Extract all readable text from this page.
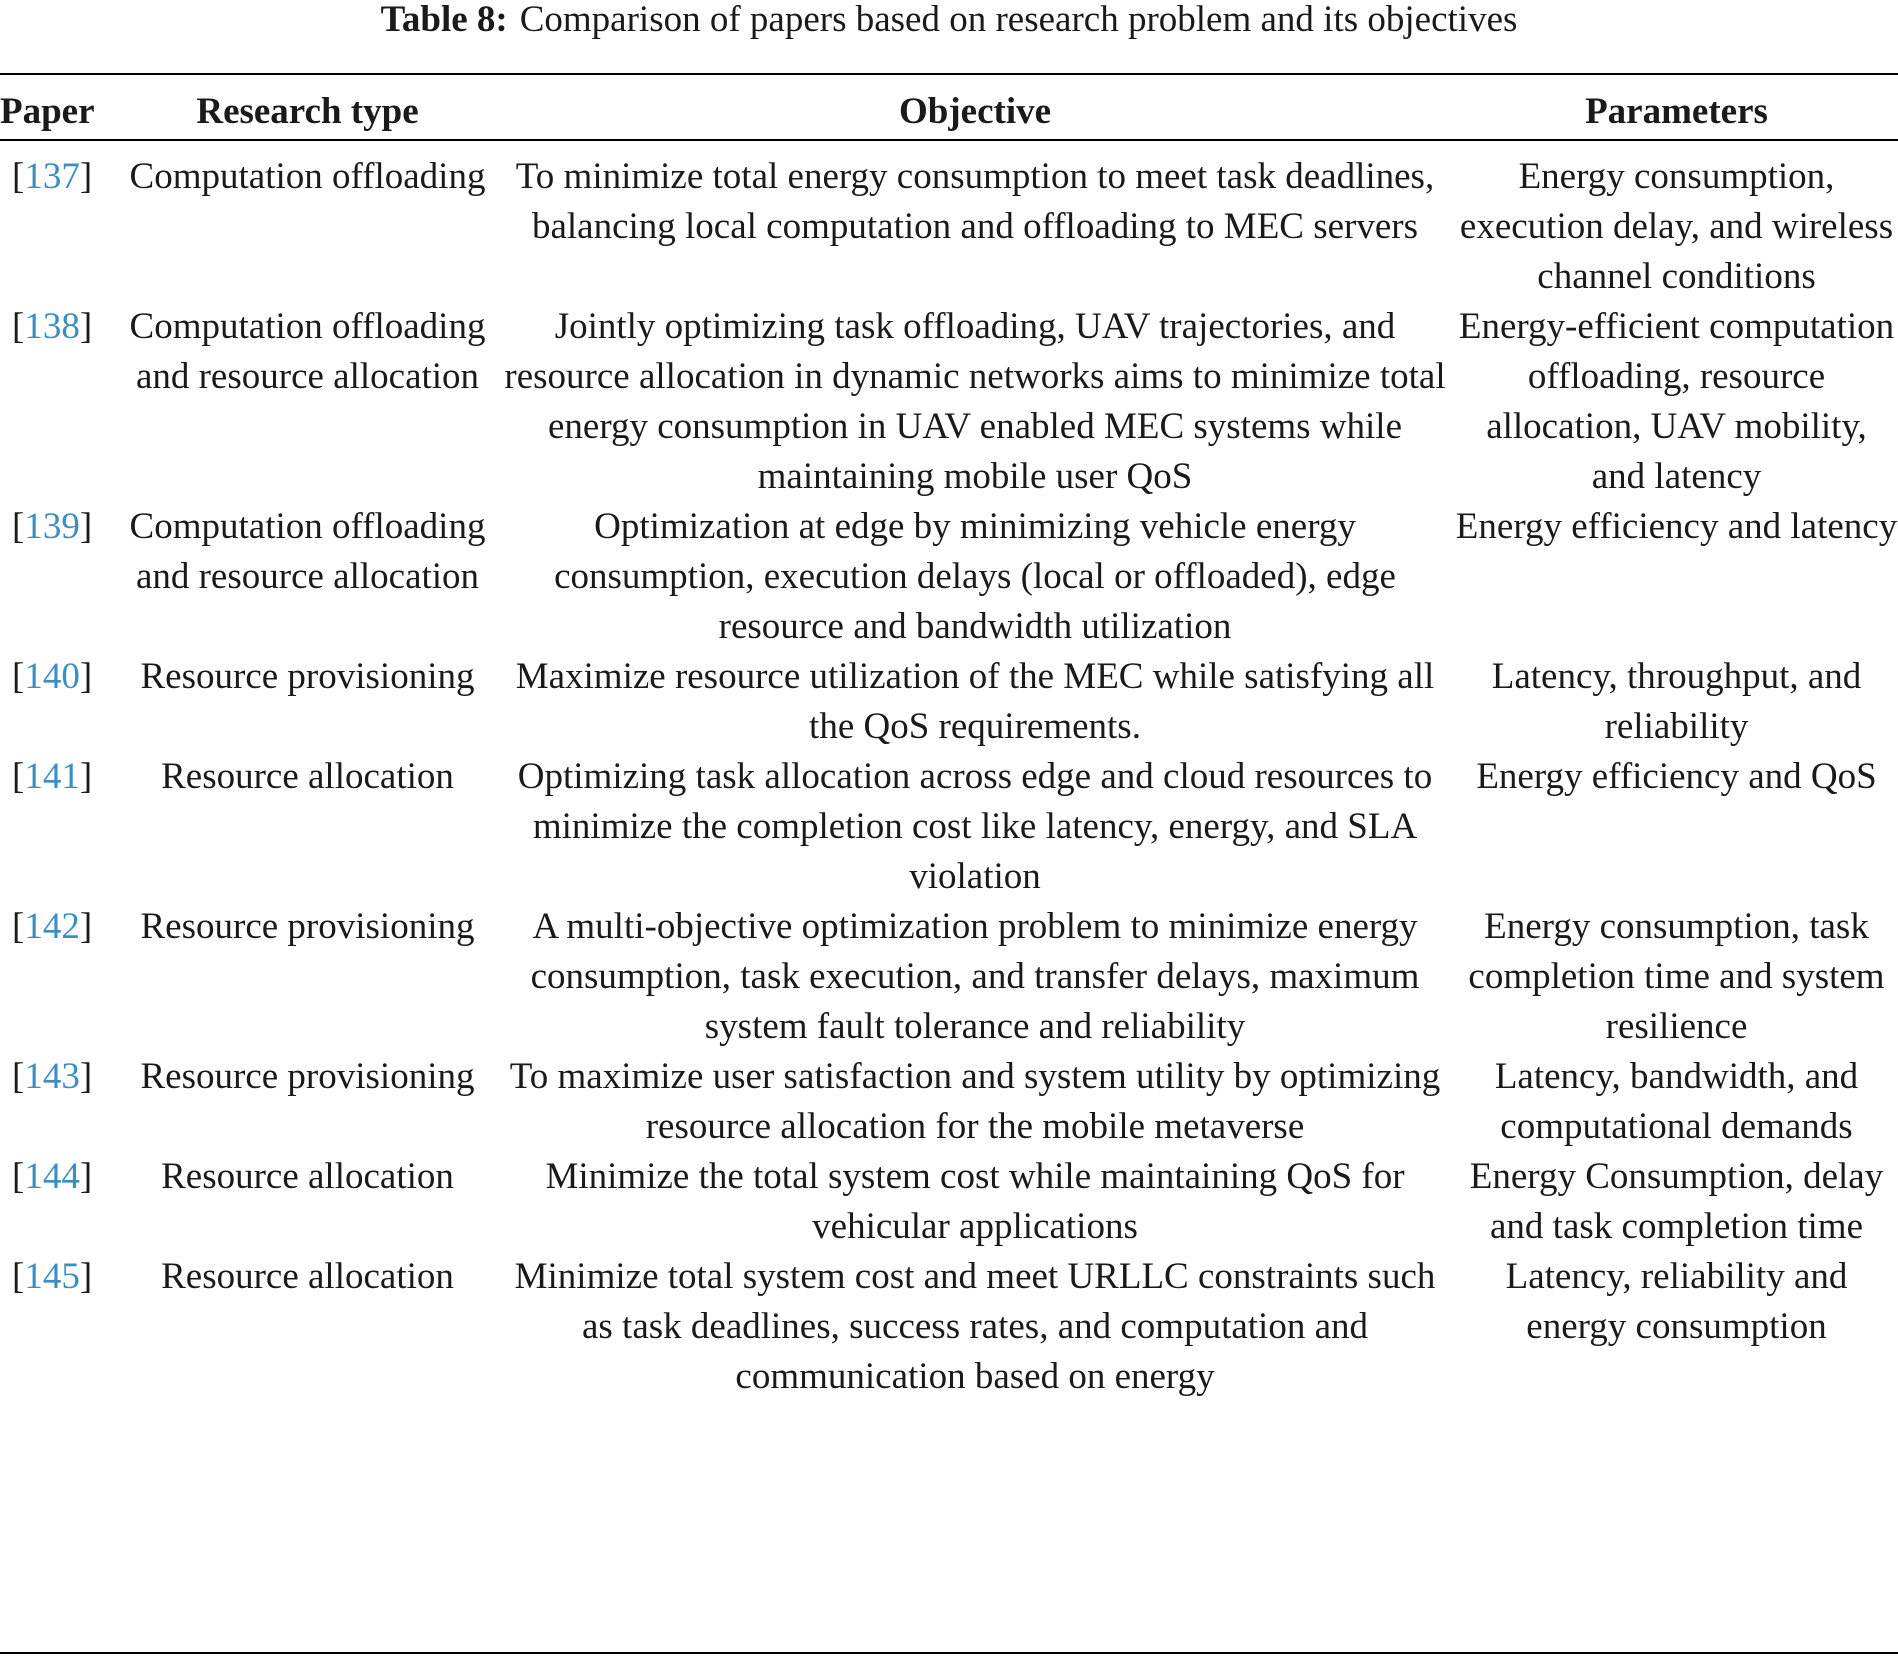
Table 8: Comparison of papers based on research problem and its objectives
Paper	Research type	Objective	Parameters

[137]	Computation offloading	To minimize total energy consumption to meet task deadlines, balancing local computation and offloading to MEC servers	Energy consumption, execution delay, and wireless channel conditions
[138]	Computation offloading and resource allocation	Jointly optimizing task offloading, UAV trajectories, and resource allocation in dynamic networks aims to minimize total energy consumption in UAV enabled MEC systems while maintaining mobile user QoS	Energy-efficient computation offloading, resource allocation, UAV mobility, and latency
[139]	Computation offloading and resource allocation	Optimization at edge by minimizing vehicle energy consumption, execution delays (local or offloaded), edge resource and bandwidth utilization	Energy efficiency and latency
[140]	Resource provisioning	Maximize resource utilization of the MEC while satisfying all the QoS requirements.	Latency, throughput, and reliability
[141]	Resource allocation	Optimizing task allocation across edge and cloud resources to minimize the completion cost like latency, energy, and SLA violation	Energy efficiency and QoS
[142]	Resource provisioning	A multi-objective optimization problem to minimize energy consumption, task execution, and transfer delays, maximum system fault tolerance and reliability	Energy consumption, task completion time and system resilience
[143]	Resource provisioning	To maximize user satisfaction and system utility by optimizing resource allocation for the mobile metaverse	Latency, bandwidth, and computational demands
[144]	Resource allocation	Minimize the total system cost while maintaining QoS for vehicular applications	Energy Consumption, delay and task completion time
[145]	Resource allocation	Minimize total system cost and meet URLLC constraints such as task deadlines, success rates, and computation and communication based on energy	Latency, reliability and energy consumption
